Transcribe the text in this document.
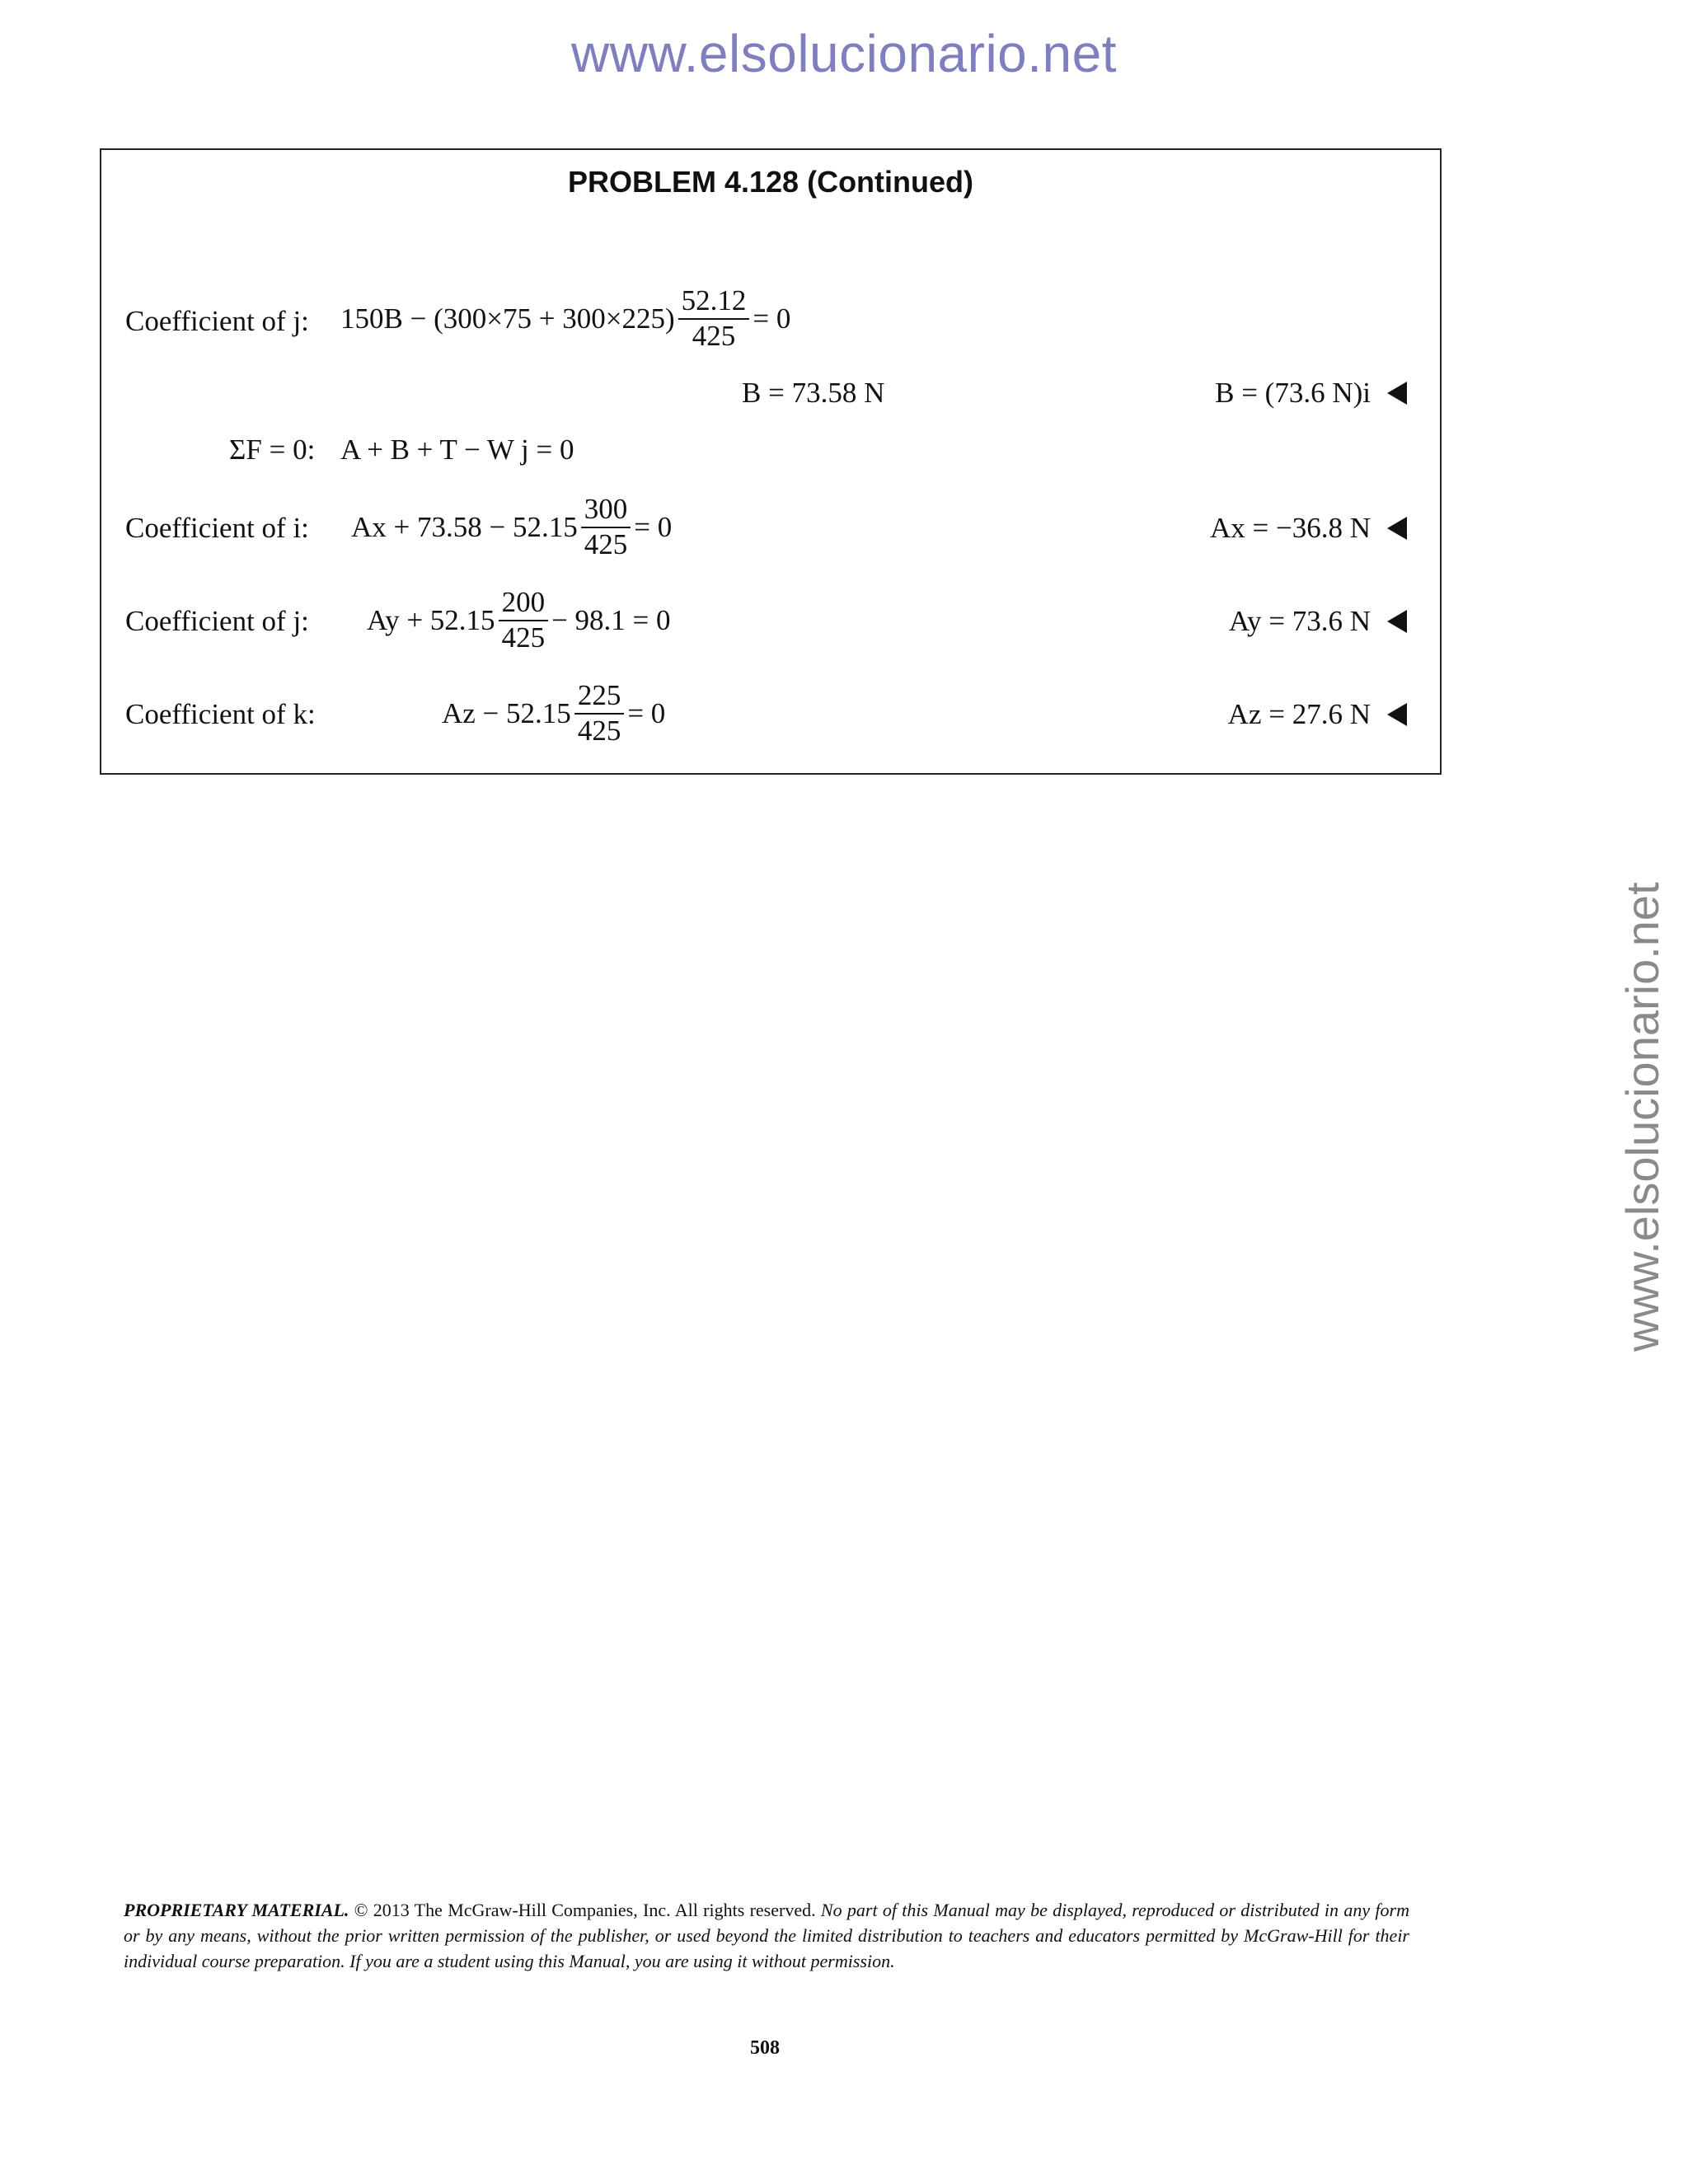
www.elsolucionario.net
www.elsolucionario.net
PROBLEM 4.128 (Continued)
Coefficient of j: $150B - (300\times 75 + 300\times 225) \frac{52.12}{425} = 0$
B = 73.58 N	B = (73.6 N)i
ΣF = 0: A + B + T − W j = 0
Coefficient of i: $Ax + 73.58 - 52.15 \frac{300}{425} = 0$	Ax = −36.8 N
Coefficient of j: $Ay + 52.15 \frac{200}{425} - 98.1 = 0$	Ay = 73.6 N
Coefficient of k:	$Az - 52.15 \frac{225}{425} = 0$	Az = 27.6 N
PROPRIETARY MATERIAL. © 2013 The McGraw-Hill Companies, Inc. All rights reserved. No part of this Manual may be displayed, reproduced or distributed in any form or by any means, without the prior written permission of the publisher, or used beyond the limited distribution to teachers and educators permitted by McGraw-Hill for their individual course preparation. If you are a student using this Manual, you are using it without permission.
508
